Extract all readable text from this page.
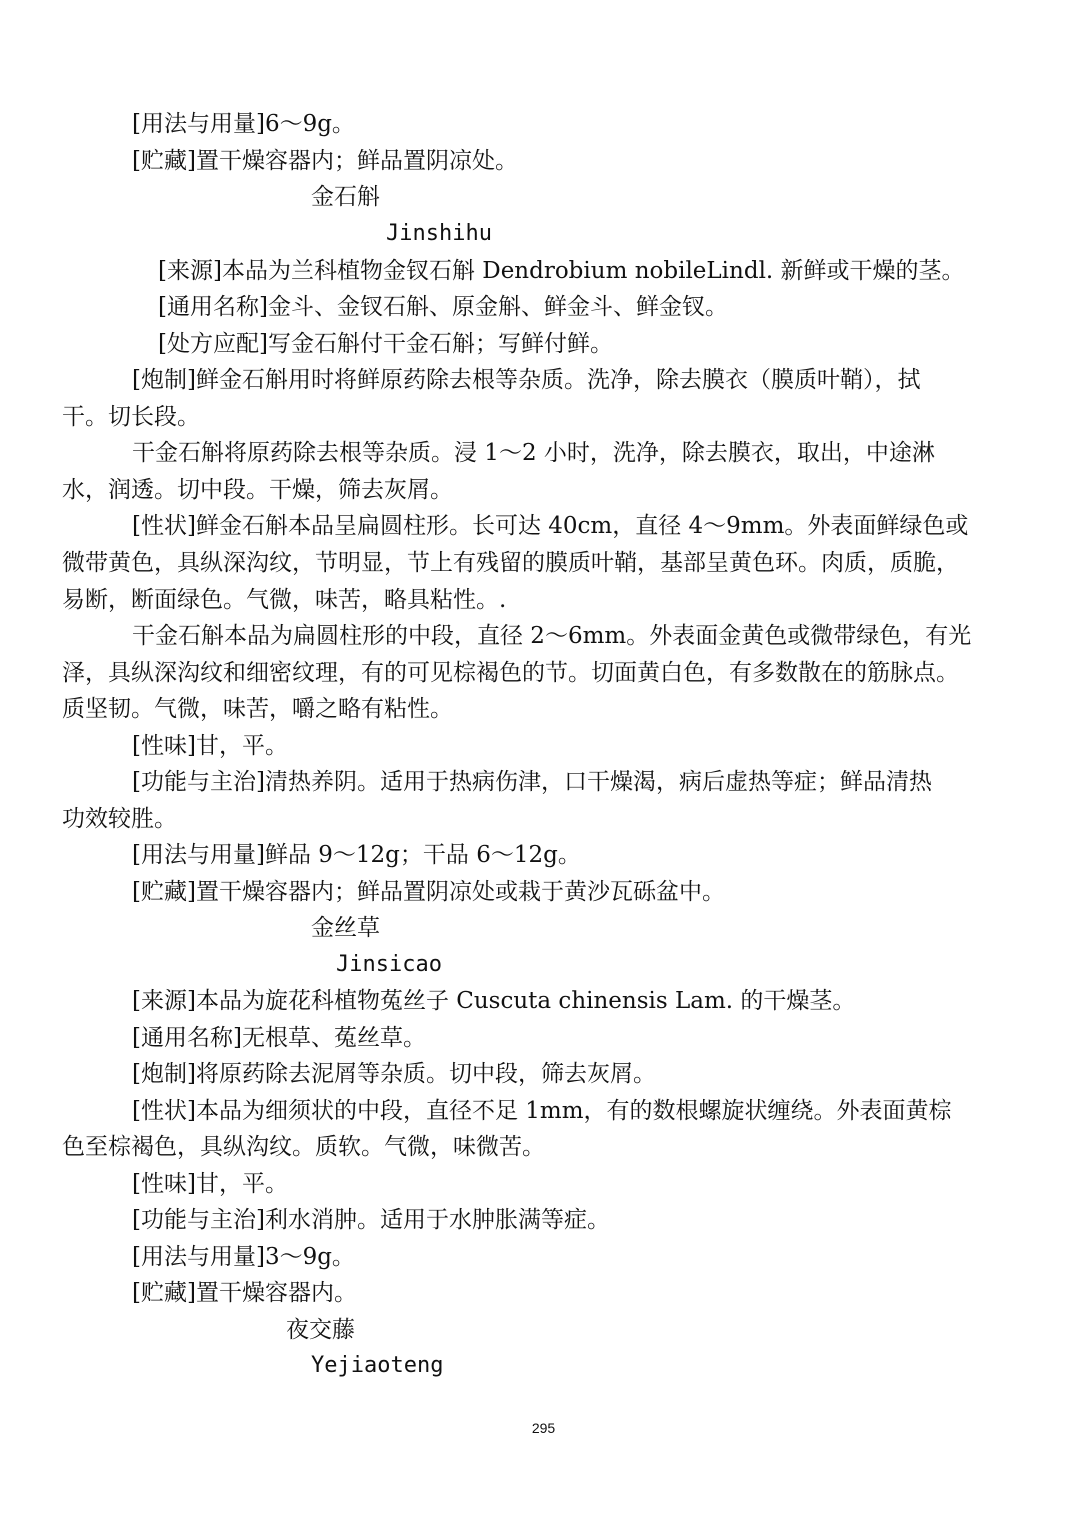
[用法与用量]6～9g。
[贮藏]置干燥容器内；鲜品置阴凉处。
金石斛
Jinshihu
[来源]本品为兰科植物金钗石斛 Dendrobium nobileLindl. 新鲜或干燥的茎。
[通用名称]金斗、金钗石斛、原金斛、鲜金斗、鲜金钗。
[处方应配]写金石斛付干金石斛；写鲜付鲜。
[炮制]鲜金石斛用时将鲜原药除去根等杂质。洗净，除去膜衣（膜质叶鞘），拭
干。切长段。
干金石斛将原药除去根等杂质。浸 1～2 小时，洗净，除去膜衣，取出，中途淋
水，润透。切中段。干燥，筛去灰屑。
[性状]鲜金石斛本品呈扁圆柱形。长可达 40cm，直径 4～9mm。外表面鲜绿色或
微带黄色，具纵深沟纹，节明显，节上有残留的膜质叶鞘，基部呈黄色环。肉质，质脆，
易断，断面绿色。气微，味苦，略具粘性。.
干金石斛本品为扁圆柱形的中段，直径 2～6mm。外表面金黄色或微带绿色，有光
泽，具纵深沟纹和细密纹理，有的可见棕褐色的节。切面黄白色，有多数散在的筋脉点。
质坚韧。气微，味苦，嚼之略有粘性。
[性味]甘，平。
[功能与主治]清热养阴。适用于热病伤津，口干燥渴，病后虚热等症；鲜品清热
功效较胜。
[用法与用量]鲜品 9～12g；干品 6～12g。
[贮藏]置干燥容器内；鲜品置阴凉处或栽于黄沙瓦砾盆中。
金丝草
Jinsicao
[来源]本品为旋花科植物菟丝子 Cuscuta chinensis Lam. 的干燥茎。
[通用名称]无根草、菟丝草。
[炮制]将原药除去泥屑等杂质。切中段，筛去灰屑。
[性状]本品为细须状的中段，直径不足 1mm，有的数根螺旋状缠绕。外表面黄棕
色至棕褐色，具纵沟纹。质软。气微，味微苦。
[性味]甘，平。
[功能与主治]利水消肿。适用于水肿胀满等症。
[用法与用量]3～9g。
[贮藏]置干燥容器内。
夜交藤
Yejiaoteng
295
